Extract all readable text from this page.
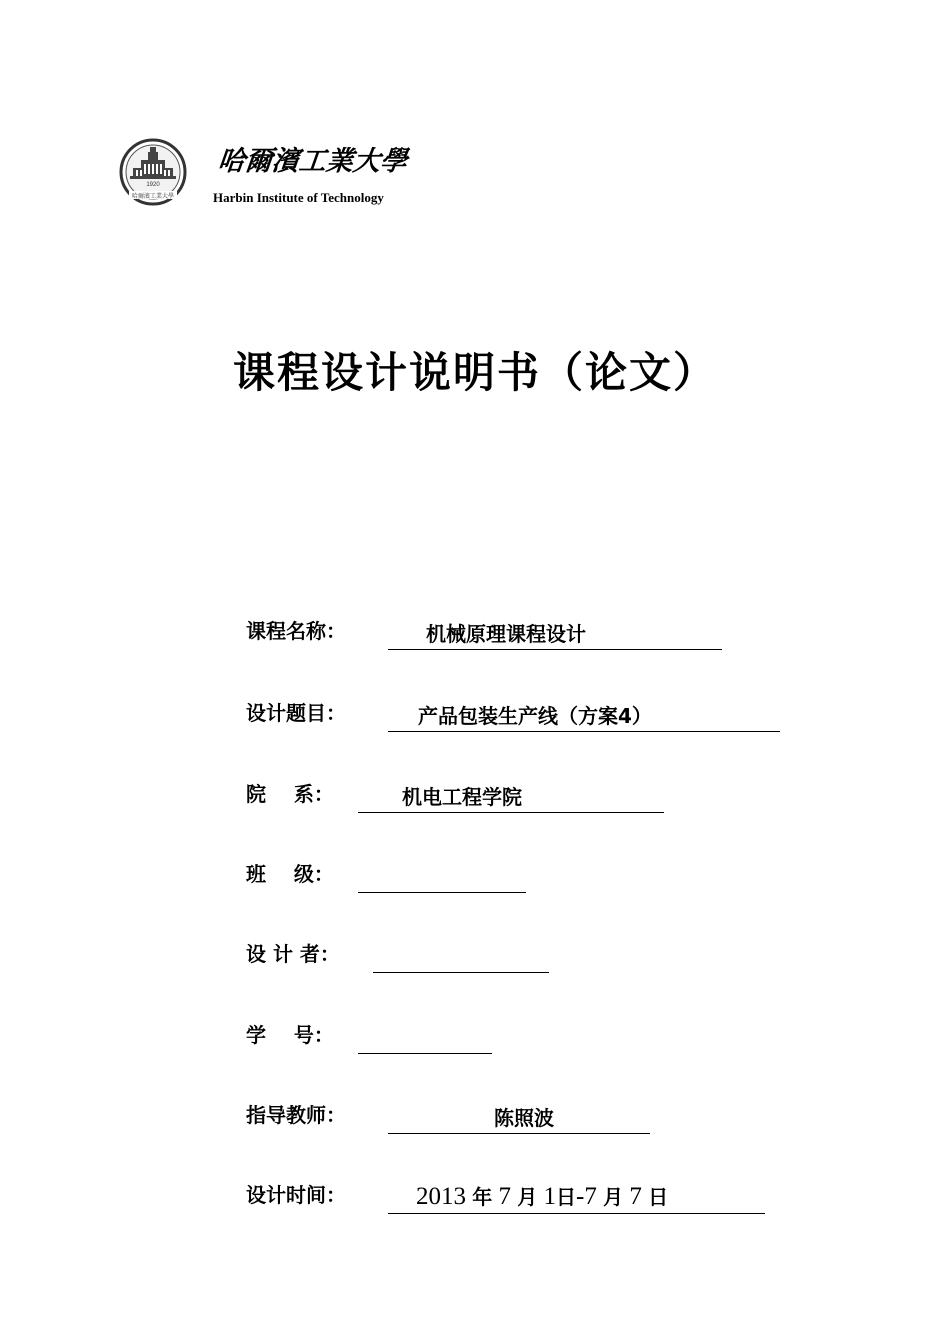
1920
哈爾濱工業大學
哈爾濱工業大學
Harbin Institute of Technology
课程设计说明书（论文）
课程名称：	机械原理课程设计
设计题目：	产品包装生产线（方案4）
院    系：	机电工程学院
班    级：
设 计 者：
学    号：
指导教师：	陈照波
设计时间：	2013 年 7 月 1日-7 月 7 日
